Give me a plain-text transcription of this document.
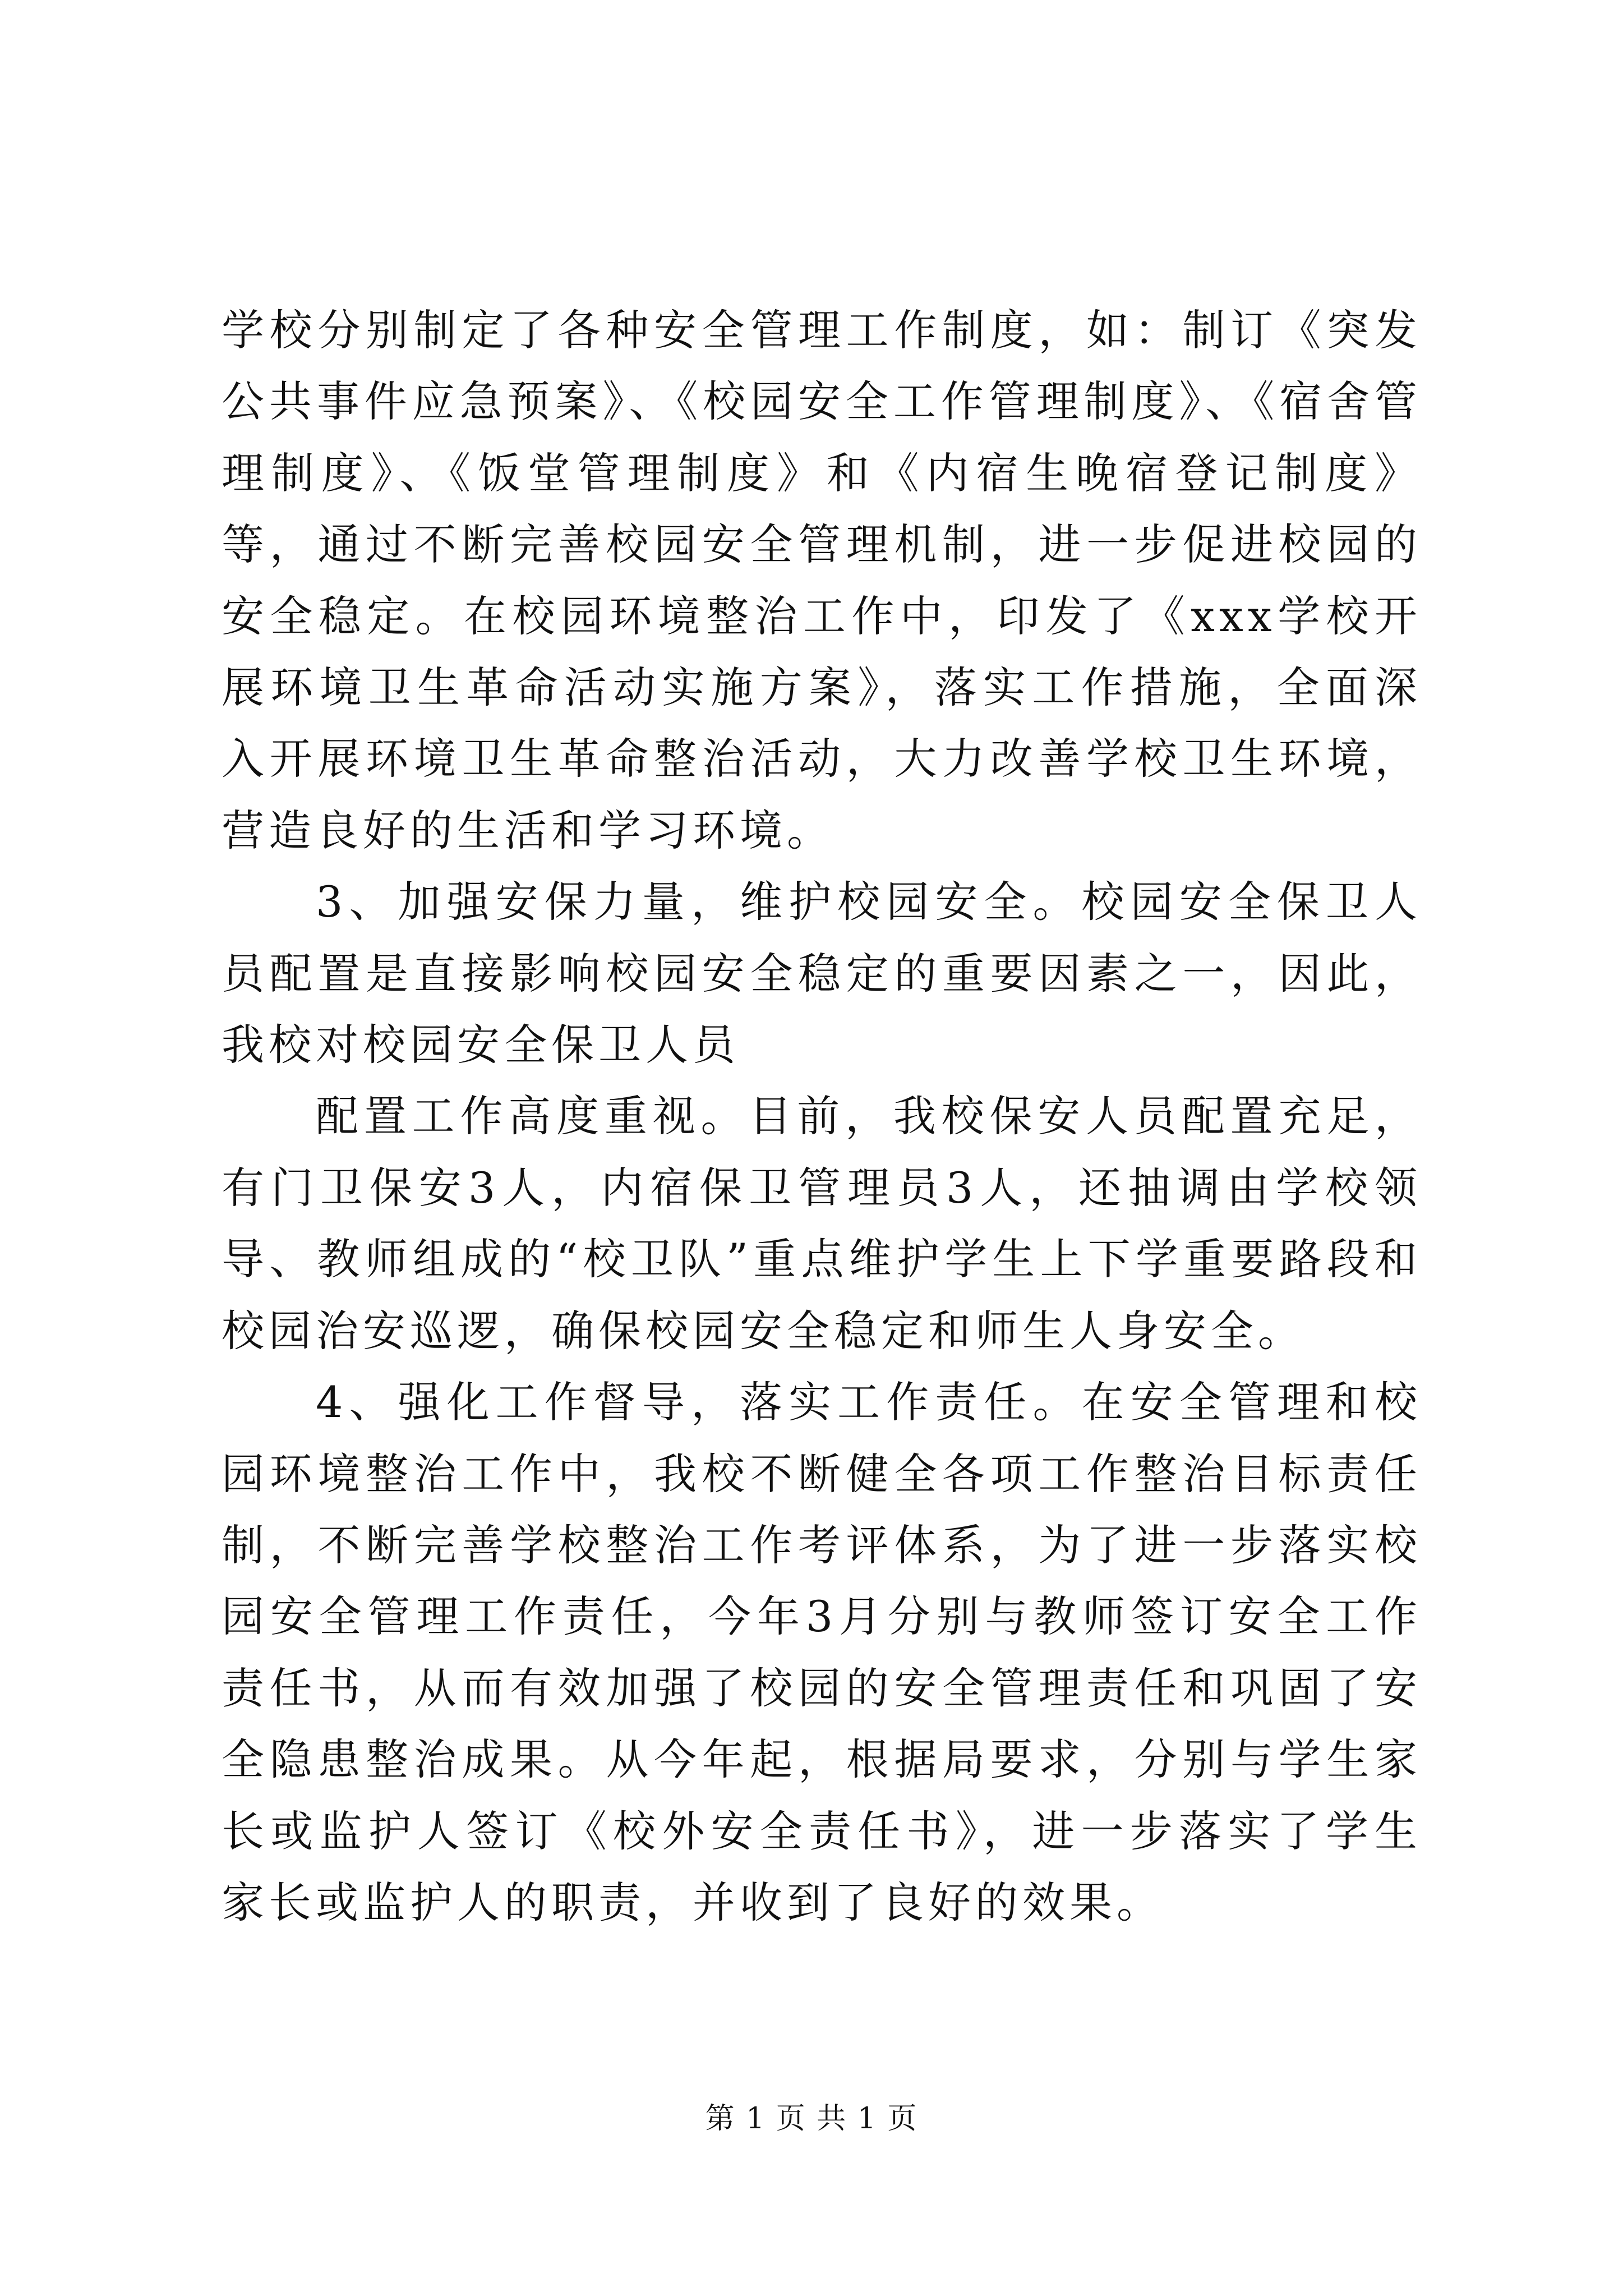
学校分别制定了各种安全管理工作制度，如：制订《突发公共事件应急预案》、《校园安全工作管理制度》、《宿舍管理制度》、《饭堂管理制度》和《内宿生晚宿登记制度》等，通过不断完善校园安全管理机制，进一步促进校园的安全稳定。在校园环境整治工作中，印发了《xxx学校开展环境卫生革命活动实施方案》，落实工作措施，全面深入开展环境卫生革命整治活动，大力改善学校卫生环境，营造良好的生活和学习环境。

3、加强安保力量，维护校园安全。校园安全保卫人员配置是直接影响校园安全稳定的重要因素之一，因此，我校对校园安全保卫人员

配置工作高度重视。目前，我校保安人员配置充足，有门卫保安3人，内宿保卫管理员3人，还抽调由学校领导、教师组成的“校卫队”重点维护学生上下学重要路段和校园治安巡逻，确保校园安全稳定和师生人身安全。

4、强化工作督导，落实工作责任。在安全管理和校园环境整治工作中，我校不断健全各项工作整治目标责任制，不断完善学校整治工作考评体系，为了进一步落实校园安全管理工作责任，今年3月分别与教师签订安全工作责任书，从而有效加强了校园的安全管理责任和巩固了安全隐患整治成果。从今年起，根据局要求，分别与学生家长或监护人签订《校外安全责任书》，进一步落实了学生家长或监护人的职责，并收到了良好的效果。

第 1 页 共 1 页
